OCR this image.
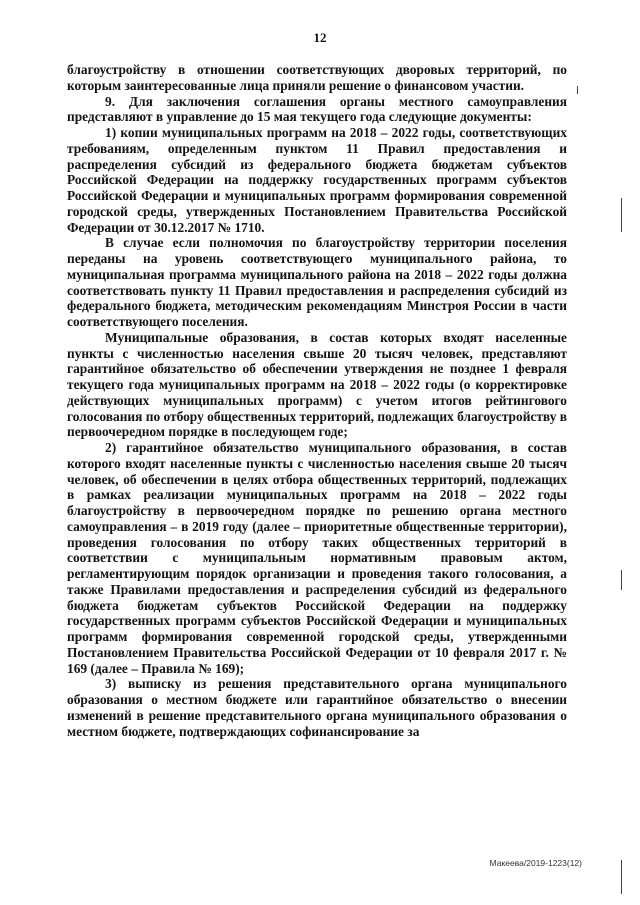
12

благоустройству в отношении соответствующих дворовых территорий, по которым заинтересованные лица приняли решение о финансовом участии.

9. Для заключения соглашения органы местного самоуправления представляют в управление до 15 мая текущего года следующие документы:

1) копии муниципальных программ на 2018 – 2022 годы, соответствующих требованиям, определенным пунктом 11 Правил предоставления и распределения субсидий из федерального бюджета бюджетам субъектов Российской Федерации на поддержку государственных программ субъектов Российской Федерации и муниципальных программ формирования современной городской среды, утвержденных Постановлением Правительства Российской Федерации от 30.12.2017 № 1710.

В случае если полномочия по благоустройству территории поселения переданы на уровень соответствующего муниципального района, то муниципальная программа муниципального района на 2018 – 2022 годы должна соответствовать пункту 11 Правил предоставления и распределения субсидий из федерального бюджета, методическим рекомендациям Минстроя России в части соответствующего поселения.

Муниципальные образования, в состав которых входят населенные пункты с численностью населения свыше 20 тысяч человек, представляют гарантийное обязательство об обеспечении утверждения не позднее 1 февраля текущего года муниципальных программ на 2018 – 2022 годы (о корректировке действующих муниципальных программ) с учетом итогов рейтингового голосования по отбору общественных территорий, подлежащих благоустройству в первоочередном порядке в последующем годе;

2) гарантийное обязательство муниципального образования, в состав которого входят населенные пункты с численностью населения свыше 20 тысяч человек, об обеспечении в целях отбора общественных территорий, подлежащих в рамках реализации муниципальных программ на 2018 – 2022 годы благоустройству в первоочередном порядке по решению органа местного самоуправления – в 2019 году (далее – приоритетные общественные территории), проведения голосования по отбору таких общественных территорий в соответствии с муниципальным нормативным правовым актом, регламентирующим порядок организации и проведения такого голосования, а также Правилами предоставления и распределения субсидий из федерального бюджета бюджетам субъектов Российской Федерации на поддержку государственных программ субъектов Российской Федерации и муниципальных программ формирования современной городской среды, утвержденными Постановлением Правительства Российской Федерации от 10 февраля 2017 г. № 169 (далее – Правила № 169);

3) выписку из решения представительного органа муниципального образования о местном бюджете или гарантийное обязательство о внесении изменений в решение представительного органа муниципального образования о местном бюджете, подтверждающих софинансирование за

Макеева/2019-1223(12)
